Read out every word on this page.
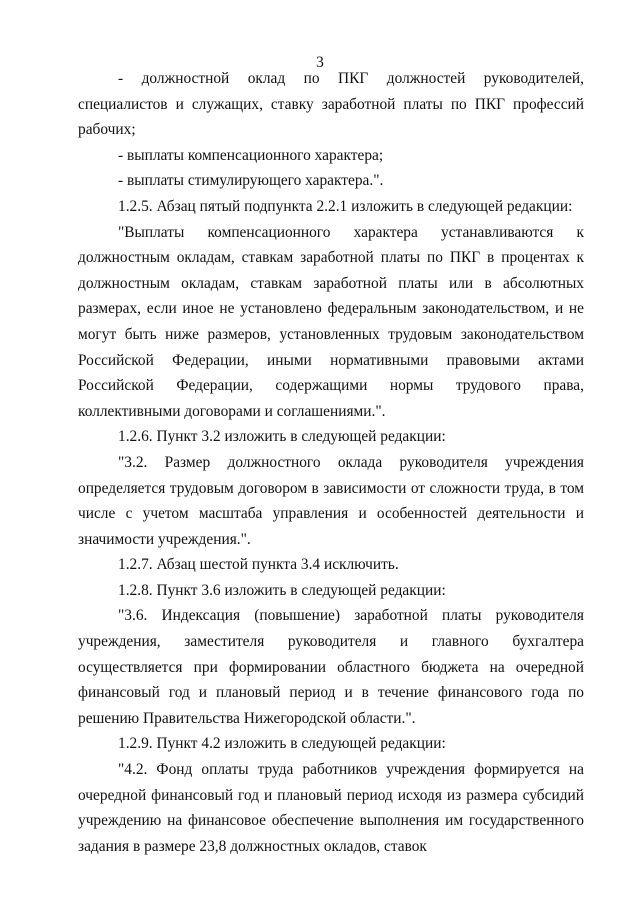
3

- должностной оклад по ПКГ должностей руководителей, специалистов и служащих, ставку заработной платы по ПКГ профессий рабочих;

- выплаты компенсационного характера;

- выплаты стимулирующего характера.".

1.2.5. Абзац пятый подпункта 2.2.1 изложить в следующей редакции:

"Выплаты компенсационного характера устанавливаются к должностным окладам, ставкам заработной платы по ПКГ в процентах к должностным окладам, ставкам заработной платы или в абсолютных размерах, если иное не установлено федеральным законодательством, и не могут быть ниже размеров, установленных трудовым законодательством Российской Федерации, иными нормативными правовыми актами Российской Федерации, содержащими нормы трудового права, коллективными договорами и соглашениями.".

1.2.6. Пункт 3.2 изложить в следующей редакции:

"3.2. Размер должностного оклада руководителя учреждения определяется трудовым договором в зависимости от сложности труда, в том числе с учетом масштаба управления и особенностей деятельности и значимости учреждения.".

1.2.7. Абзац шестой пункта 3.4 исключить.

1.2.8. Пункт 3.6 изложить в следующей редакции:

"3.6. Индексация (повышение) заработной платы руководителя учреждения, заместителя руководителя и главного бухгалтера осуществляется при формировании областного бюджета на очередной финансовый год и плановый период и в течение финансового года по решению Правительства Нижегородской области.".

1.2.9. Пункт 4.2 изложить в следующей редакции:

"4.2. Фонд оплаты труда работников учреждения формируется на очередной финансовый год и плановый период исходя из размера субсидий учреждению на финансовое обеспечение выполнения им государственного задания в размере 23,8 должностных окладов, ставок
